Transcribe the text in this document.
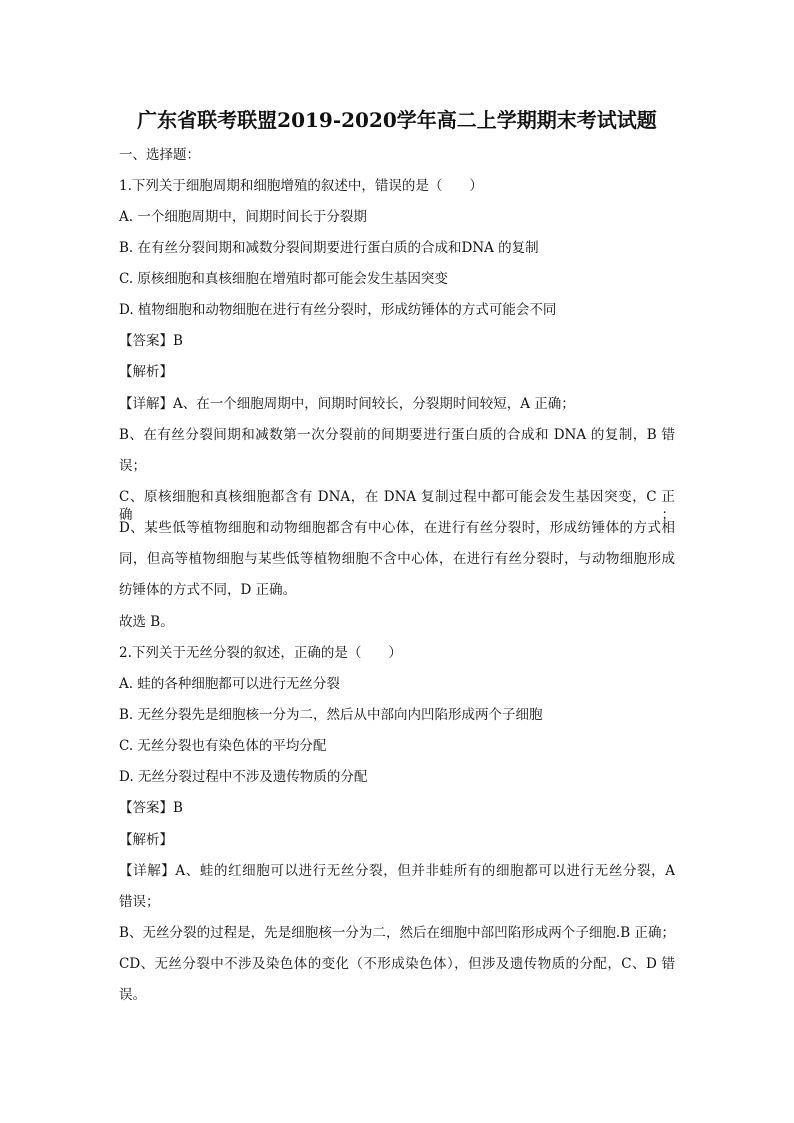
广东省联考联盟2019-2020学年高二上学期期末考试试题
一、选择题：
1.下列关于细胞周期和细胞增殖的叙述中，错误的是（　　）
A. 一个细胞周期中，间期时间长于分裂期
B. 在有丝分裂间期和减数分裂间期要进行蛋白质的合成和DNA 的复制
C. 原核细胞和真核细胞在增殖时都可能会发生基因突变
D. 植物细胞和动物细胞在进行有丝分裂时，形成纺锤体的方式可能会不同
【答案】B
【解析】
【详解】A、在一个细胞周期中，间期时间较长，分裂期时间较短，A 正确；
B、在有丝分裂间期和减数第一次分裂前的间期要进行蛋白质的合成和 DNA 的复制，B 错
误；
C、原核细胞和真核细胞都含有 DNA，在 DNA 复制过程中都可能会发生基因突变，C 正确；
D、某些低等植物细胞和动物细胞都含有中心体，在进行有丝分裂时，形成纺锤体的方式相
同，但高等植物细胞与某些低等植物细胞不含中心体，在进行有丝分裂时，与动物细胞形成
纺锤体的方式不同，D 正确。
故选 B。
2.下列关于无丝分裂的叙述，正确的是（　　）
A. 蛙的各种细胞都可以进行无丝分裂
B. 无丝分裂先是细胞核一分为二，然后从中部向内凹陷形成两个子细胞
C. 无丝分裂也有染色体的平均分配
D. 无丝分裂过程中不涉及遗传物质的分配
【答案】B
【解析】
【详解】A、蛙的红细胞可以进行无丝分裂，但并非蛙所有的细胞都可以进行无丝分裂，A
错误；
B、无丝分裂的过程是，先是细胞核一分为二，然后在细胞中部凹陷形成两个子细胞.B 正确；
CD、无丝分裂中不涉及染色体的变化（不形成染色体），但涉及遗传物质的分配，C、D 错
误。
